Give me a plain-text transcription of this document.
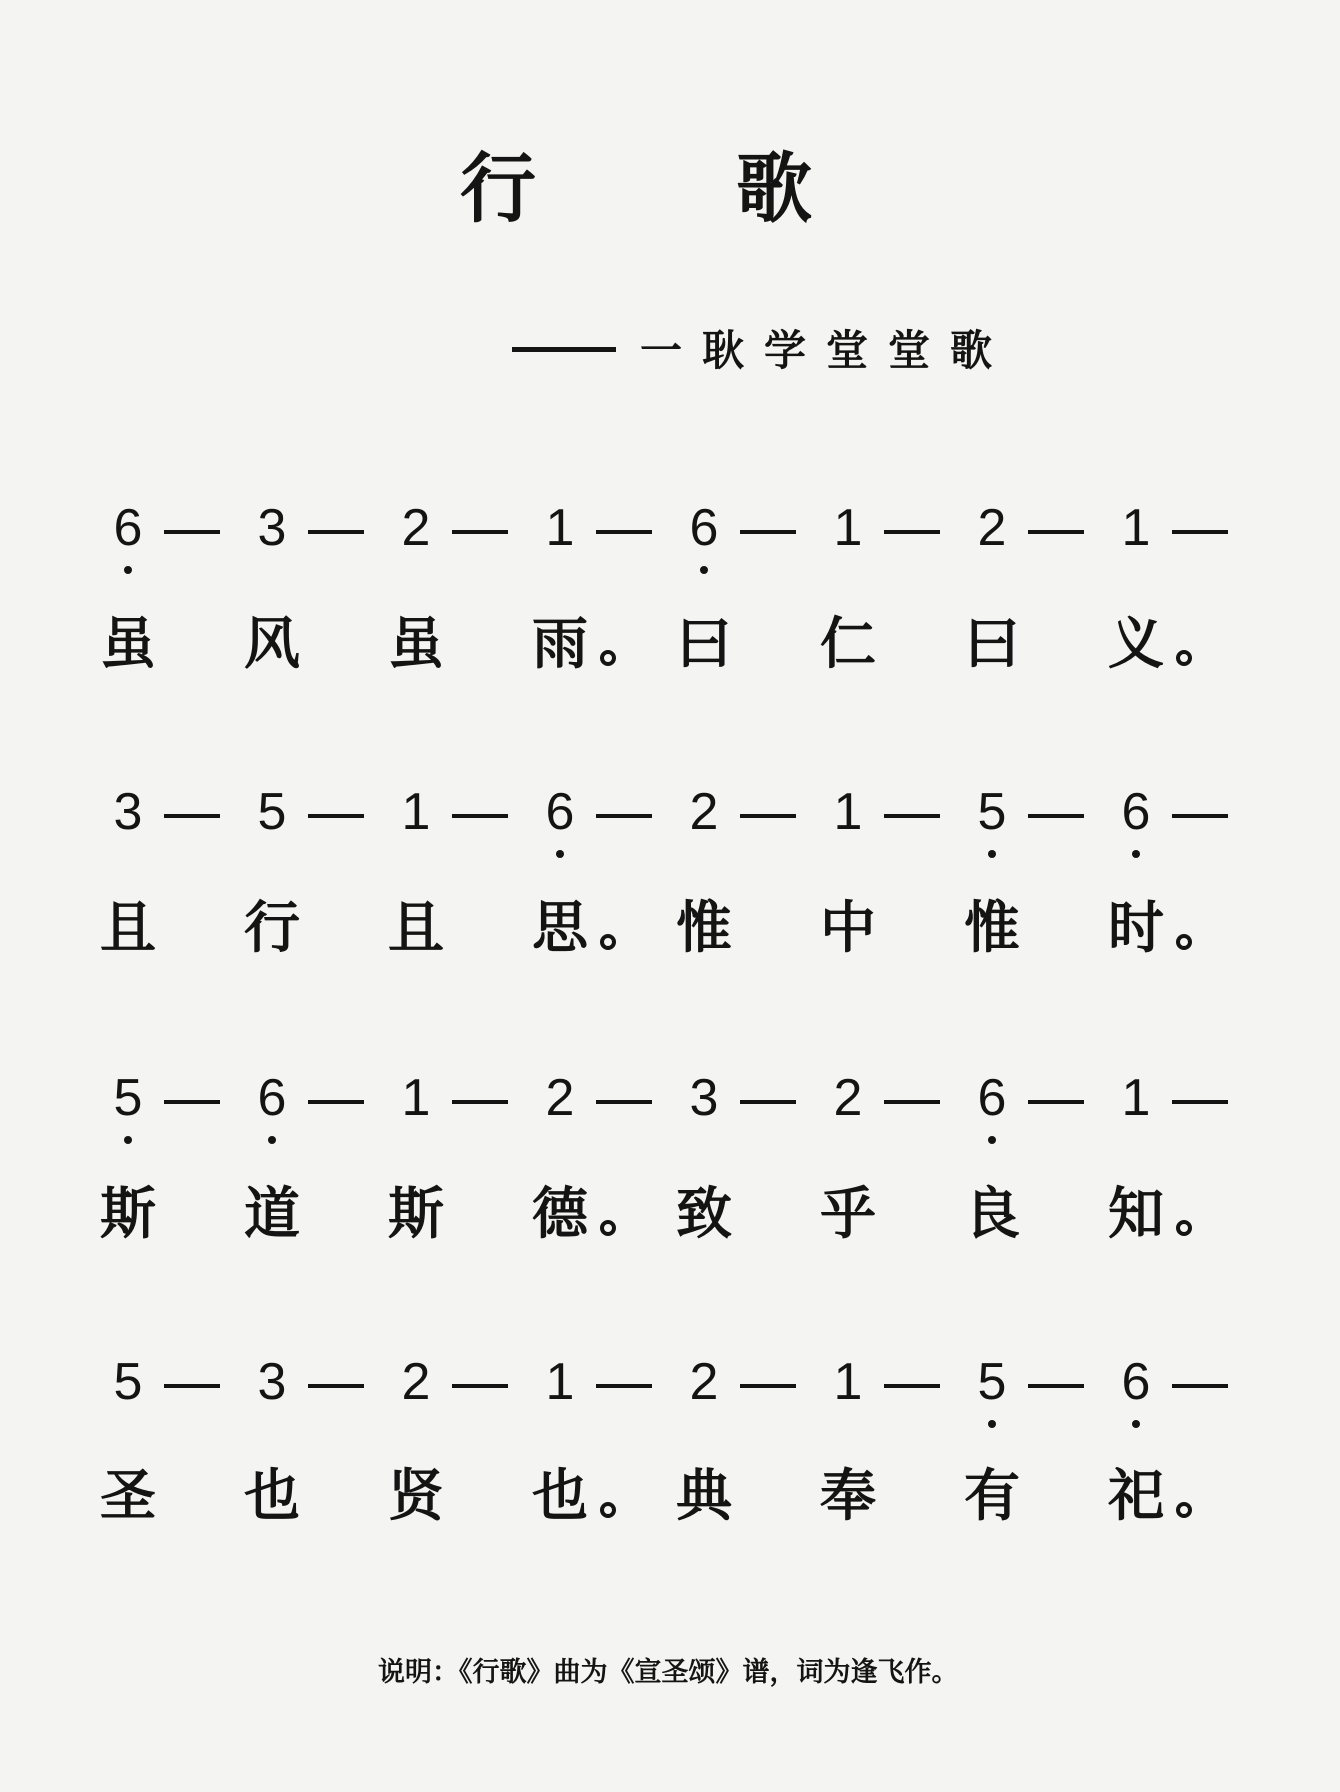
行	歌
一耿学堂堂歌
6 3 2 1 6 1 2 1
虽 风 虽 雨 曰 仁 曰 义
3 5 1 6 2 1 5 6
且 行 且 思 惟 中 惟 时
5 6 1 2 3 2 6 1
斯 道 斯 德 致 乎 良 知
5 3 2 1 2 1 5 6
圣 也 贤 也 典 奉 有 祀
说明：《行歌》曲为《宣圣颂》谱，词为逢飞作。
